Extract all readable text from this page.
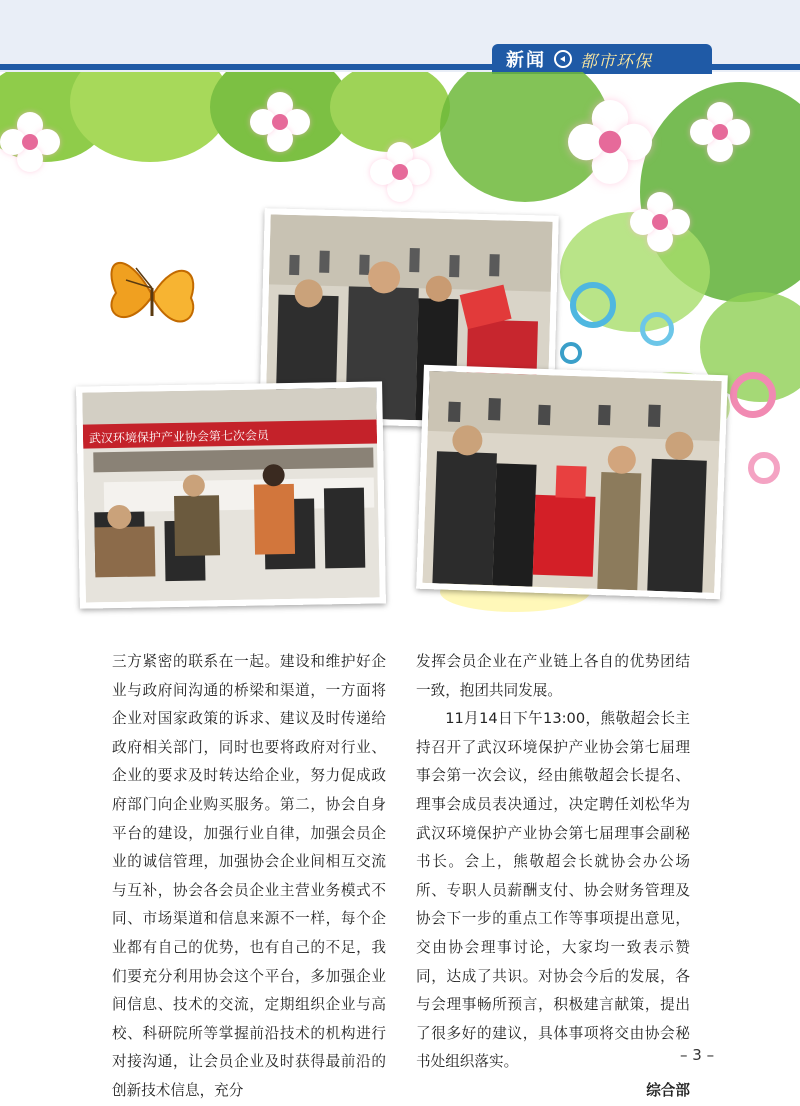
新闻 都市环保
武汉环境保护产业协会第七次会员

三方紧密的联系在一起。建设和维护好企业与政府间沟通的桥梁和渠道，一方面将企业对国家政策的诉求、建议及时传递给政府相关部门，同时也要将政府对行业、企业的要求及时转达给企业，努力促成政府部门向企业购买服务。第二，协会自身平台的建设，加强行业自律，加强会员企业的诚信管理，加强协会企业间相互交流与互补，协会各会员企业主营业务模式不同、市场渠道和信息来源不一样，每个企业都有自己的优势，也有自己的不足，我们要充分利用协会这个平台，多加强企业间信息、技术的交流，定期组织企业与高校、科研院所等掌握前沿技术的机构进行对接沟通，让会员企业及时获得最前沿的创新技术信息，充分

发挥会员企业在产业链上各自的优势团结一致，抱团共同发展。

11月14日下午13:00，熊敬超会长主持召开了武汉环境保护产业协会第七届理事会第一次会议，经由熊敬超会长提名、理事会成员表决通过，决定聘任刘松华为武汉环境保护产业协会第七届理事会副秘书长。会上，熊敬超会长就协会办公场所、专职人员薪酬支付、协会财务管理及协会下一步的重点工作等事项提出意见，交由协会理事讨论，大家均一致表示赞同，达成了共识。对协会今后的发展，各与会理事畅所预言，积极建言献策，提出了很多好的建议，具体事项将交由协会秘书处组织落实。

综合部

– 3 –
